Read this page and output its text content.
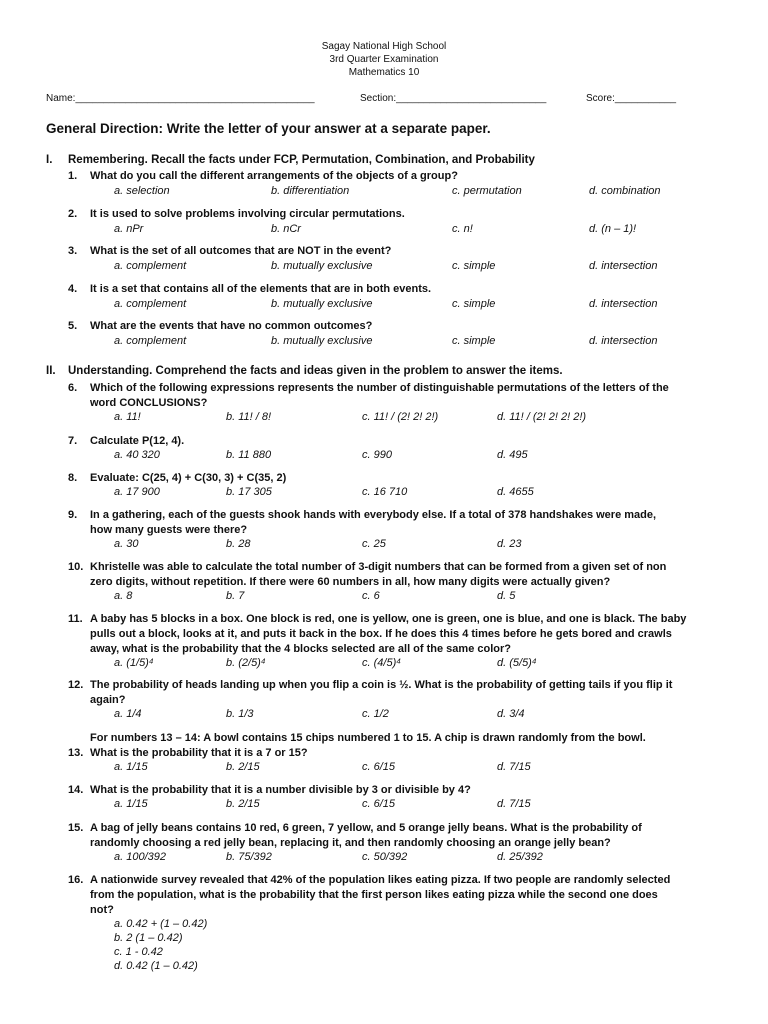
Sagay National High School
3rd Quarter Examination
Mathematics 10
Name:___________________________________________	Section:___________________________	Score:___________
General Direction: Write the letter of your answer at a separate paper.
I. Remembering. Recall the facts under FCP, Permutation, Combination, and Probability
1. What do you call the different arrangements of the objects of a group?
a. selection	b. differentiation	c. permutation	d. combination
2. It is used to solve problems involving circular permutations.
a. nPr	b. nCr	c. n!	d. (n – 1)!
3. What is the set of all outcomes that are NOT in the event?
a. complement	b. mutually exclusive	c. simple	d. intersection
4. It is a set that contains all of the elements that are in both events.
a. complement	b. mutually exclusive	c. simple	d. intersection
5. What are the events that have no common outcomes?
a. complement	b. mutually exclusive	c. simple	d. intersection
II. Understanding. Comprehend the facts and ideas given in the problem to answer the items.
6. Which of the following expressions represents the number of distinguishable permutations of the letters of the
word CONCLUSIONS?
a. 11!	b. 11! / 8!	c. 11! / (2! 2! 2!)	d. 11! / (2! 2! 2! 2!)
7. Calculate P(12, 4).
a. 40 320	b. 11 880	c. 990	d. 495
8. Evaluate: C(25, 4) + C(30, 3) + C(35, 2)
a. 17 900	b. 17 305	c. 16 710	d. 4655
9. In a gathering, each of the guests shook hands with everybody else. If a total of 378 handshakes were made,
how many guests were there?
a. 30	b. 28	c. 25	d. 23
10. Khristelle was able to calculate the total number of 3-digit numbers that can be formed from a given set of non
zero digits, without repetition. If there were 60 numbers in all, how many digits were actually given?
a. 8	b. 7	c. 6	d. 5
11. A baby has 5 blocks in a box. One block is red, one is yellow, one is green, one is blue, and one is black. The baby
pulls out a block, looks at it, and puts it back in the box. If he does this 4 times before he gets bored and crawls
away, what is the probability that the 4 blocks selected are all of the same color?
a. (1/5)⁴	b. (2/5)⁴	c. (4/5)⁴	d. (5/5)⁴
12. The probability of heads landing up when you flip a coin is ½. What is the probability of getting tails if you flip it
again?
a. 1/4	b. 1/3	c. 1/2	d. 3/4
For numbers 13 – 14: A bowl contains 15 chips numbered 1 to 15. A chip is drawn randomly from the bowl.
13. What is the probability that it is a 7 or 15?
a. 1/15	b. 2/15	c. 6/15	d. 7/15
14. What is the probability that it is a number divisible by 3 or divisible by 4?
a. 1/15	b. 2/15	c. 6/15	d. 7/15
15. A bag of jelly beans contains 10 red, 6 green, 7 yellow, and 5 orange jelly beans. What is the probability of
randomly choosing a red jelly bean, replacing it, and then randomly choosing an orange jelly bean?
a. 100/392	b. 75/392	c. 50/392	d. 25/392
16. A nationwide survey revealed that 42% of the population likes eating pizza. If two people are randomly selected
from the population, what is the probability that the first person likes eating pizza while the second one does
not?
a. 0.42 + (1 – 0.42)
b. 2 (1 – 0.42)
c. 1 - 0.42
d. 0.42 (1 – 0.42)
